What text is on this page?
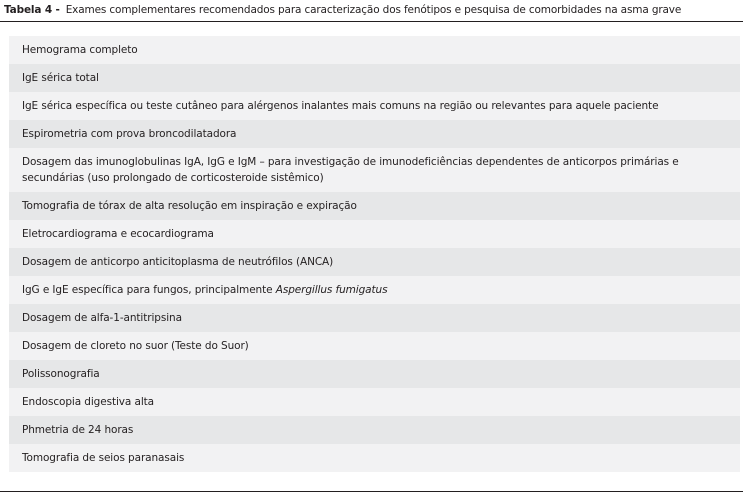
Tabela 4 - Exames complementares recomendados para caracterização dos fenótipos e pesquisa de comorbidades na asma grave
Hemograma completo
IgE sérica total
IgE sérica específica ou teste cutâneo para alérgenos inalantes mais comuns na região ou relevantes para aquele paciente
Espirometria com prova broncodilatadora
Dosagem das imunoglobulinas IgA, IgG e IgM – para investigação de imunodeficiências dependentes de anticorpos primárias e secundárias (uso prolongado de corticosteroide sistêmico)
Tomografia de tórax de alta resolução em inspiração e expiração
Eletrocardiograma e ecocardiograma
Dosagem de anticorpo anticitoplasma de neutrófilos (ANCA)
IgG e IgE específica para fungos, principalmente Aspergillus fumigatus
Dosagem de alfa-1-antitripsina
Dosagem de cloreto no suor (Teste do Suor)
Polissonografia
Endoscopia digestiva alta
Phmetria de 24 horas
Tomografia de seios paranasais
